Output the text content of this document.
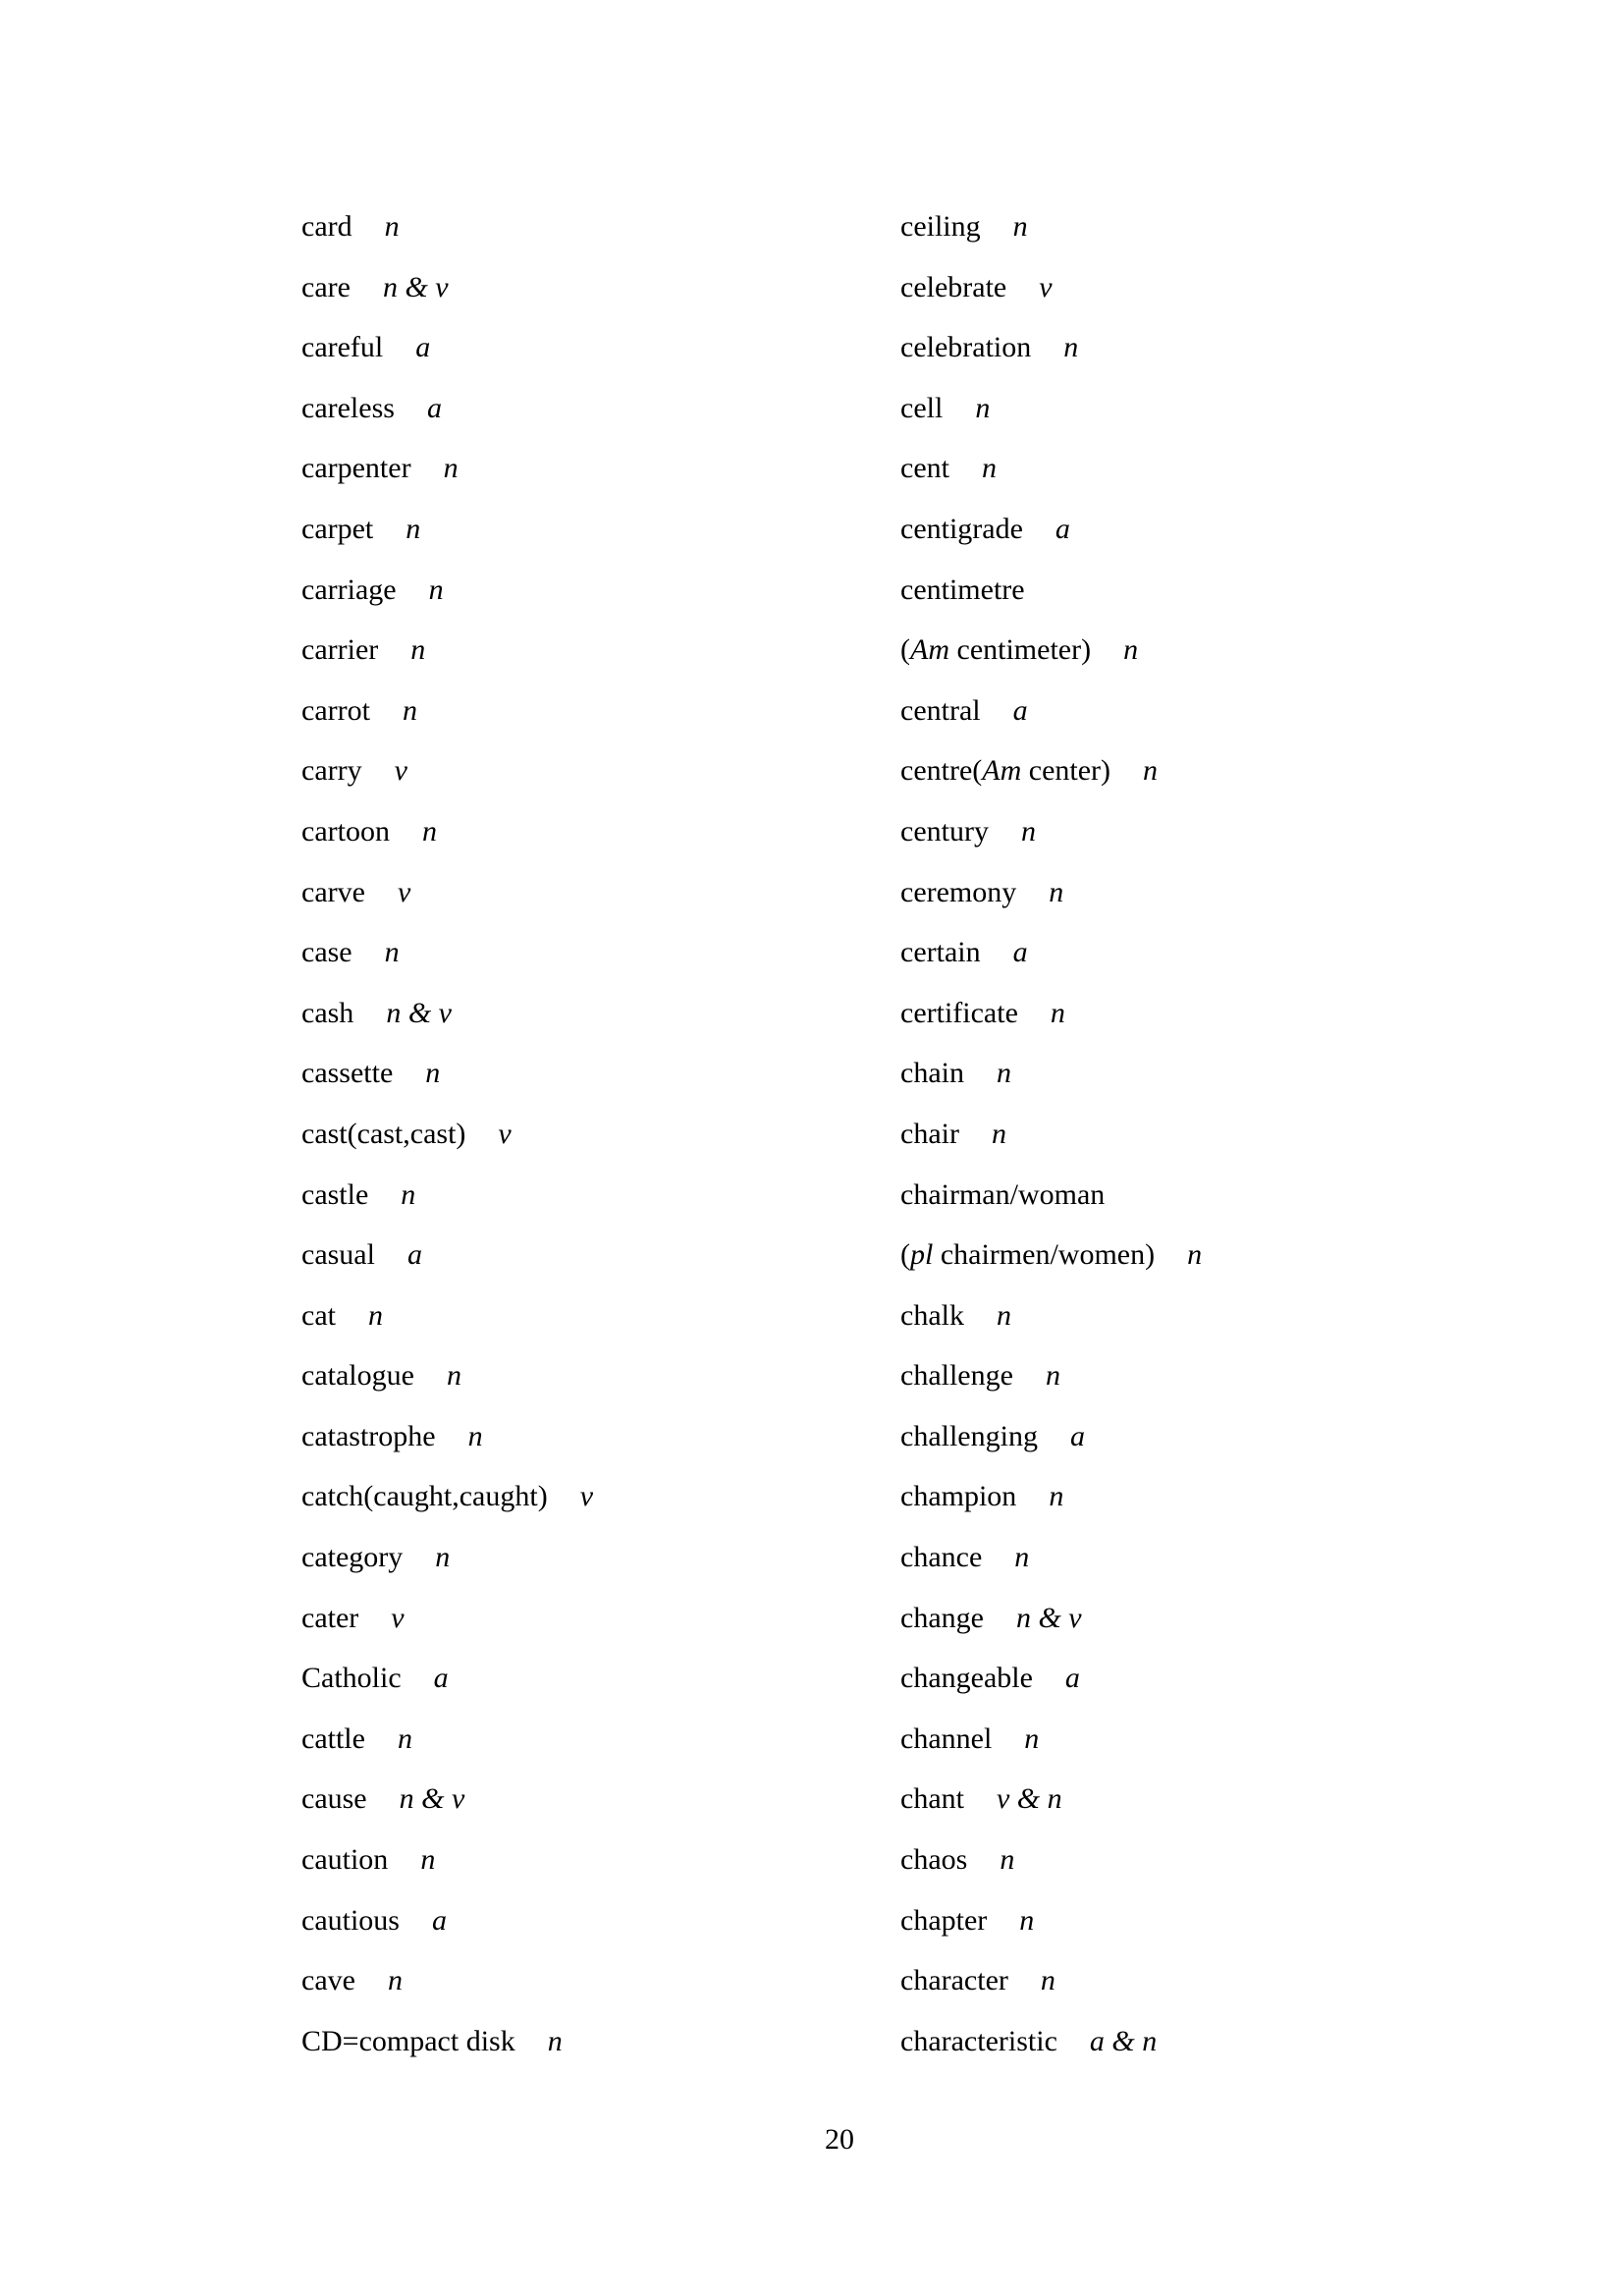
card n
care n & v
careful a
careless a
carpenter n
carpet n
carriage n
carrier n
carrot n
carry v
cartoon n
carve v
case n
cash n & v
cassette n
cast(cast,cast) v
castle n
casual a
cat n
catalogue n
catastrophe n
catch(caught,caught) v
category n
cater v
Catholic a
cattle n
cause n & v
caution n
cautious a
cave n
CD=compact disk n
ceiling n
celebrate v
celebration n
cell n
cent n
centigrade a
centimetre
(Am centimeter) n
central a
centre(Am center) n
century n
ceremony n
certain a
certificate n
chain n
chair n
chairman/woman
(pl chairmen/women) n
chalk n
challenge n
challenging a
champion n
chance n
change n & v
changeable a
channel n
chant v & n
chaos n
chapter n
character n
characteristic a & n
20
